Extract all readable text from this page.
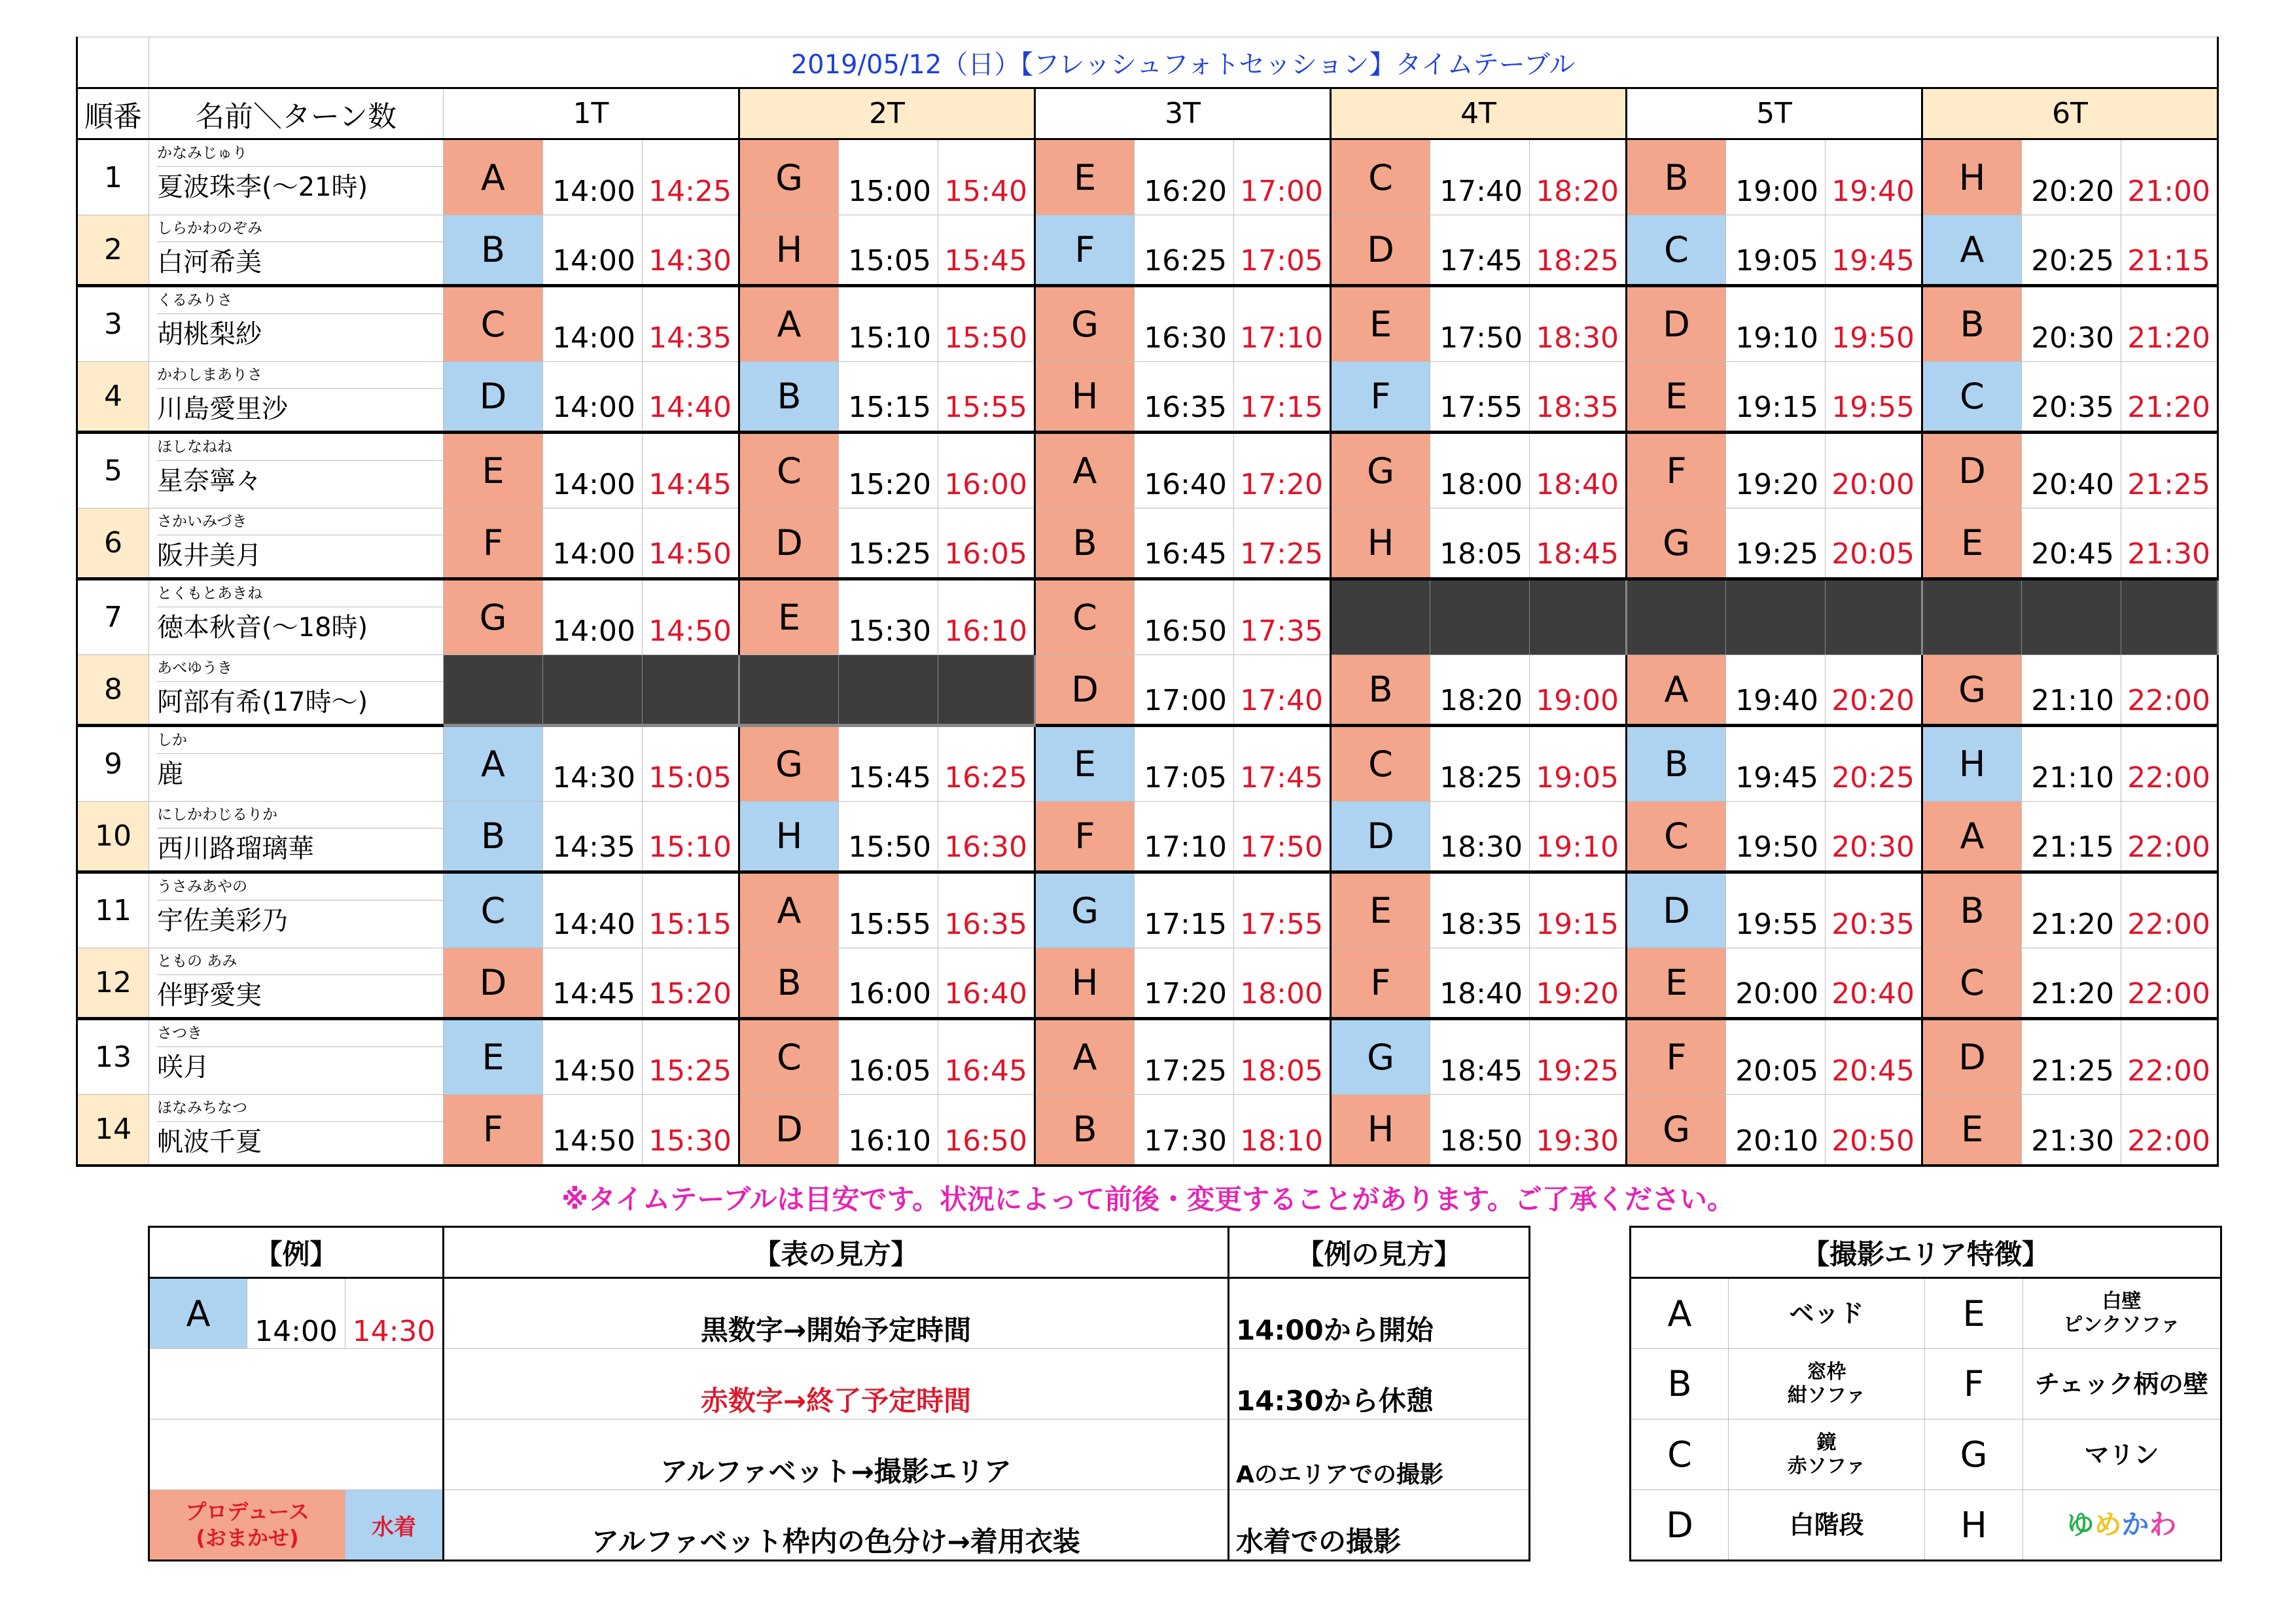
	2019/05/12（日）【フレッシュフォトセッション】タイムテーブル																		
順番	名前＼ターン数	1T			2T			3T			4T			5T			6T		
1	かなみじゅり
夏波珠李(～21時)	A	14:00	14:25	G	15:00	15:40	E	16:20	17:00	C	17:40	18:20	B	19:00	19:40	H	20:20	21:00
2	しらかわのぞみ
白河希美	B	14:00	14:30	H	15:05	15:45	F	16:25	17:05	D	17:45	18:25	C	19:05	19:45	A	20:25	21:15
3	くるみりさ
胡桃梨紗	C	14:00	14:35	A	15:10	15:50	G	16:30	17:10	E	17:50	18:30	D	19:10	19:50	B	20:30	21:20
4	かわしまありさ
川島愛里沙	D	14:00	14:40	B	15:15	15:55	H	16:35	17:15	F	17:55	18:35	E	19:15	19:55	C	20:35	21:20
5	ほしなねね
星奈寧々	E	14:00	14:45	C	15:20	16:00	A	16:40	17:20	G	18:00	18:40	F	19:20	20:00	D	20:40	21:25
6	さかいみづき
阪井美月	F	14:00	14:50	D	15:25	16:05	B	16:45	17:25	H	18:05	18:45	G	19:25	20:05	E	20:45	21:30
7	とくもとあきね
徳本秋音(～18時)	G	14:00	14:50	E	15:30	16:10	C	16:50	17:35									
8	あべゆうき
阿部有希(17時～)							D	17:00	17:40	B	18:20	19:00	A	19:40	20:20	G	21:10	22:00
9	しか
鹿	A	14:30	15:05	G	15:45	16:25	E	17:05	17:45	C	18:25	19:05	B	19:45	20:25	H	21:10	22:00
10	にしかわじるりか
西川路瑠璃華	B	14:35	15:10	H	15:50	16:30	F	17:10	17:50	D	18:30	19:10	C	19:50	20:30	A	21:15	22:00
11	うさみあやの
宇佐美彩乃	C	14:40	15:15	A	15:55	16:35	G	17:15	17:55	E	18:35	19:15	D	19:55	20:35	B	21:20	22:00
12	ともの あみ
伴野愛実	D	14:45	15:20	B	16:00	16:40	H	17:20	18:00	F	18:40	19:20	E	20:00	20:40	C	21:20	22:00
13	さつき
咲月	E	14:50	15:25	C	16:05	16:45	A	17:25	18:05	G	18:45	19:25	F	20:05	20:45	D	21:25	22:00
14	ほなみちなつ
帆波千夏	F	14:50	15:30	D	16:10	16:50	B	17:30	18:10	H	18:50	19:30	G	20:10	20:50	E	21:30	22:00
※タイムテーブルは目安です。状況によって前後・変更することがあります。ご了承ください。
【例】			【表の見方】	【例の見方】
A	14:00	14:30	黒数字→開始予定時間	14:00から開始
			赤数字→終了予定時間	14:30から休憩
			アルファベット→撮影エリア	Aのエリアでの撮影
プロデュース
(おまかせ)		水着	アルファベット枠内の色分け→着用衣装	水着での撮影
【撮影エリア特徴】			
A	ベッド	E	白壁
ピンクソファ
B	窓枠
紺ソファ	F	チェック柄の壁
C	鏡
赤ソファ	G	マリン
D	白階段	H	ゆめかわ
